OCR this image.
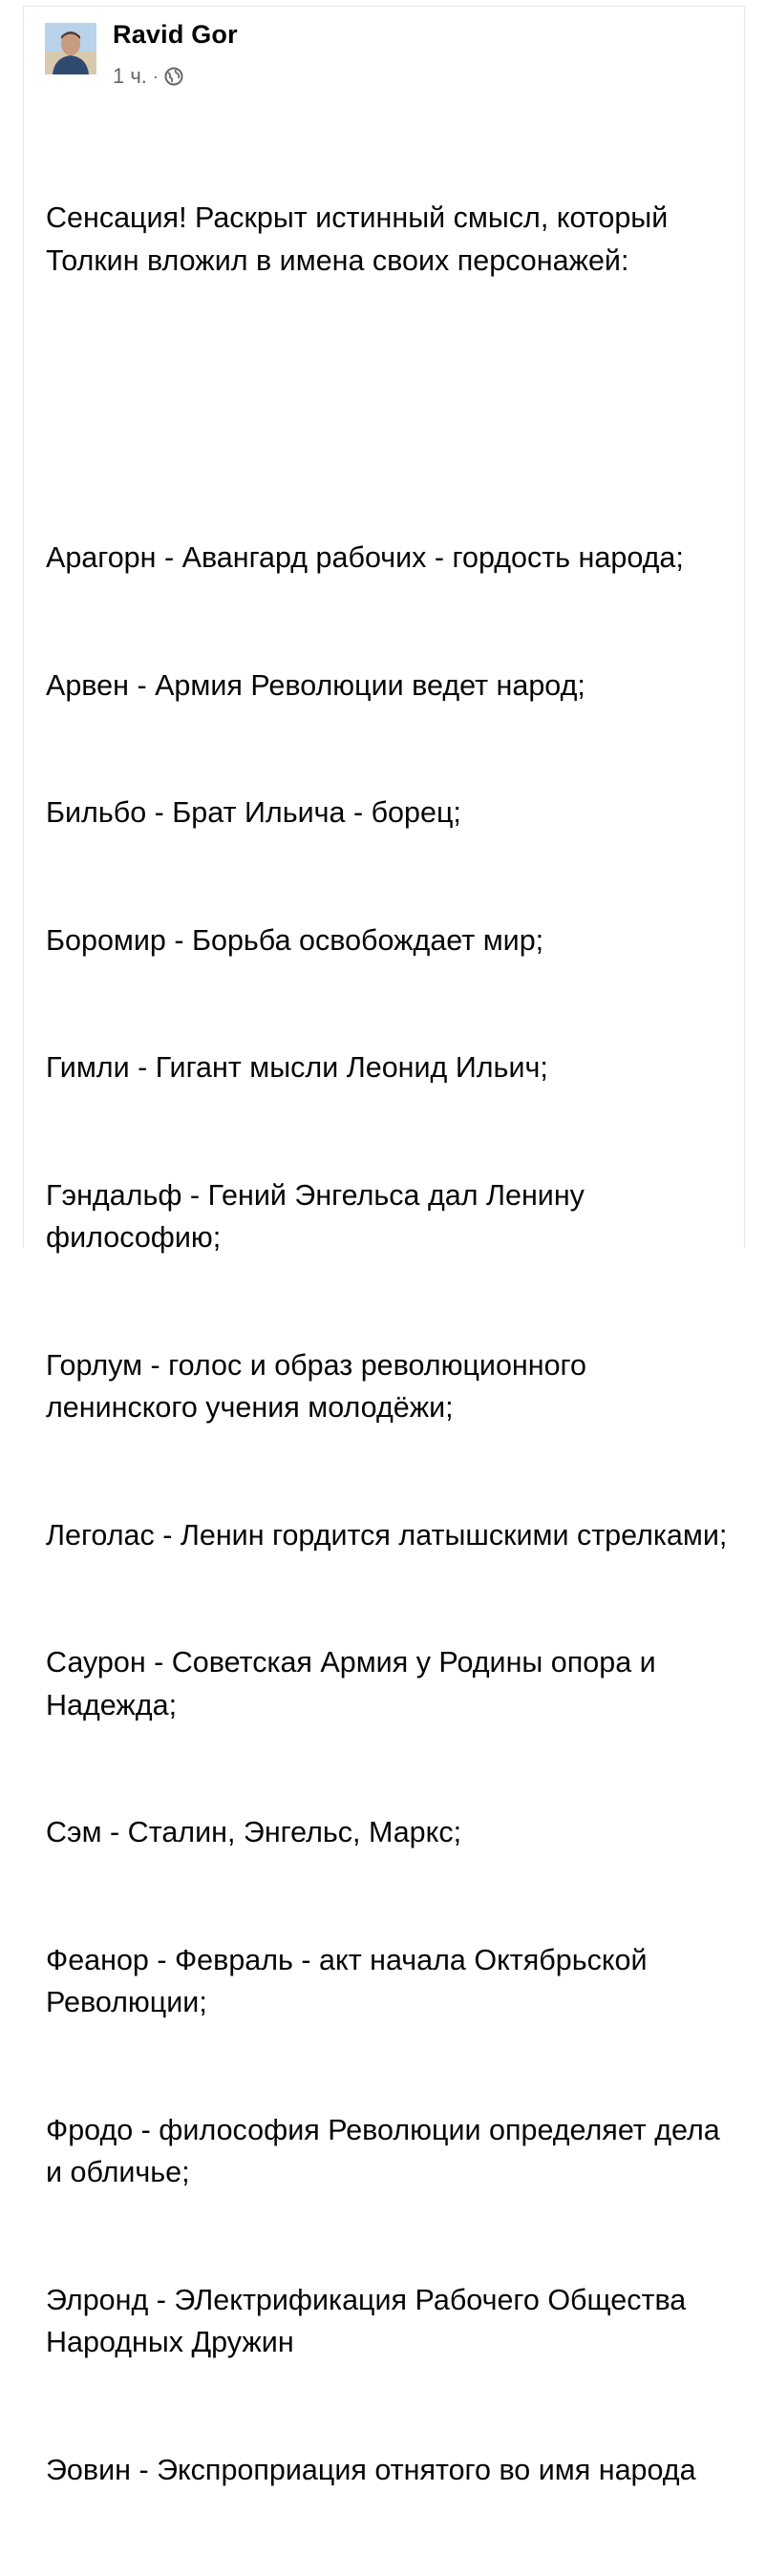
Ravid Gor
1 ч. ·

Сенсация! Раскрыт истинный смысл, который Толкин вложил в имена своих персонажей:

Арагорн - Авангард рабочих - гордость народа;

Арвен - Армия Революции ведет народ;

Бильбо - Брат Ильича - борец;

Боромир - Борьба освобождает мир;

Гимли - Гигант мысли Леонид Ильич;

Гэндальф - Гений Энгельса дал Ленину философию;

Горлум - голос и образ революционного ленинского учения молодёжи;

Леголас - Ленин гордится латышскими стрелками;

Саурон - Советская Армия у Родины опора и Надежда;

Сэм - Сталин, Энгельс, Маркс;

Феанор - Февраль - акт начала Октябрьской Революции;

Фродо - философия Революции определяет дела и обличье;

Элронд - ЭЛектрификация Рабочего Общества Народных Дружин

Эовин - Экспроприация отнятого во имя народа
